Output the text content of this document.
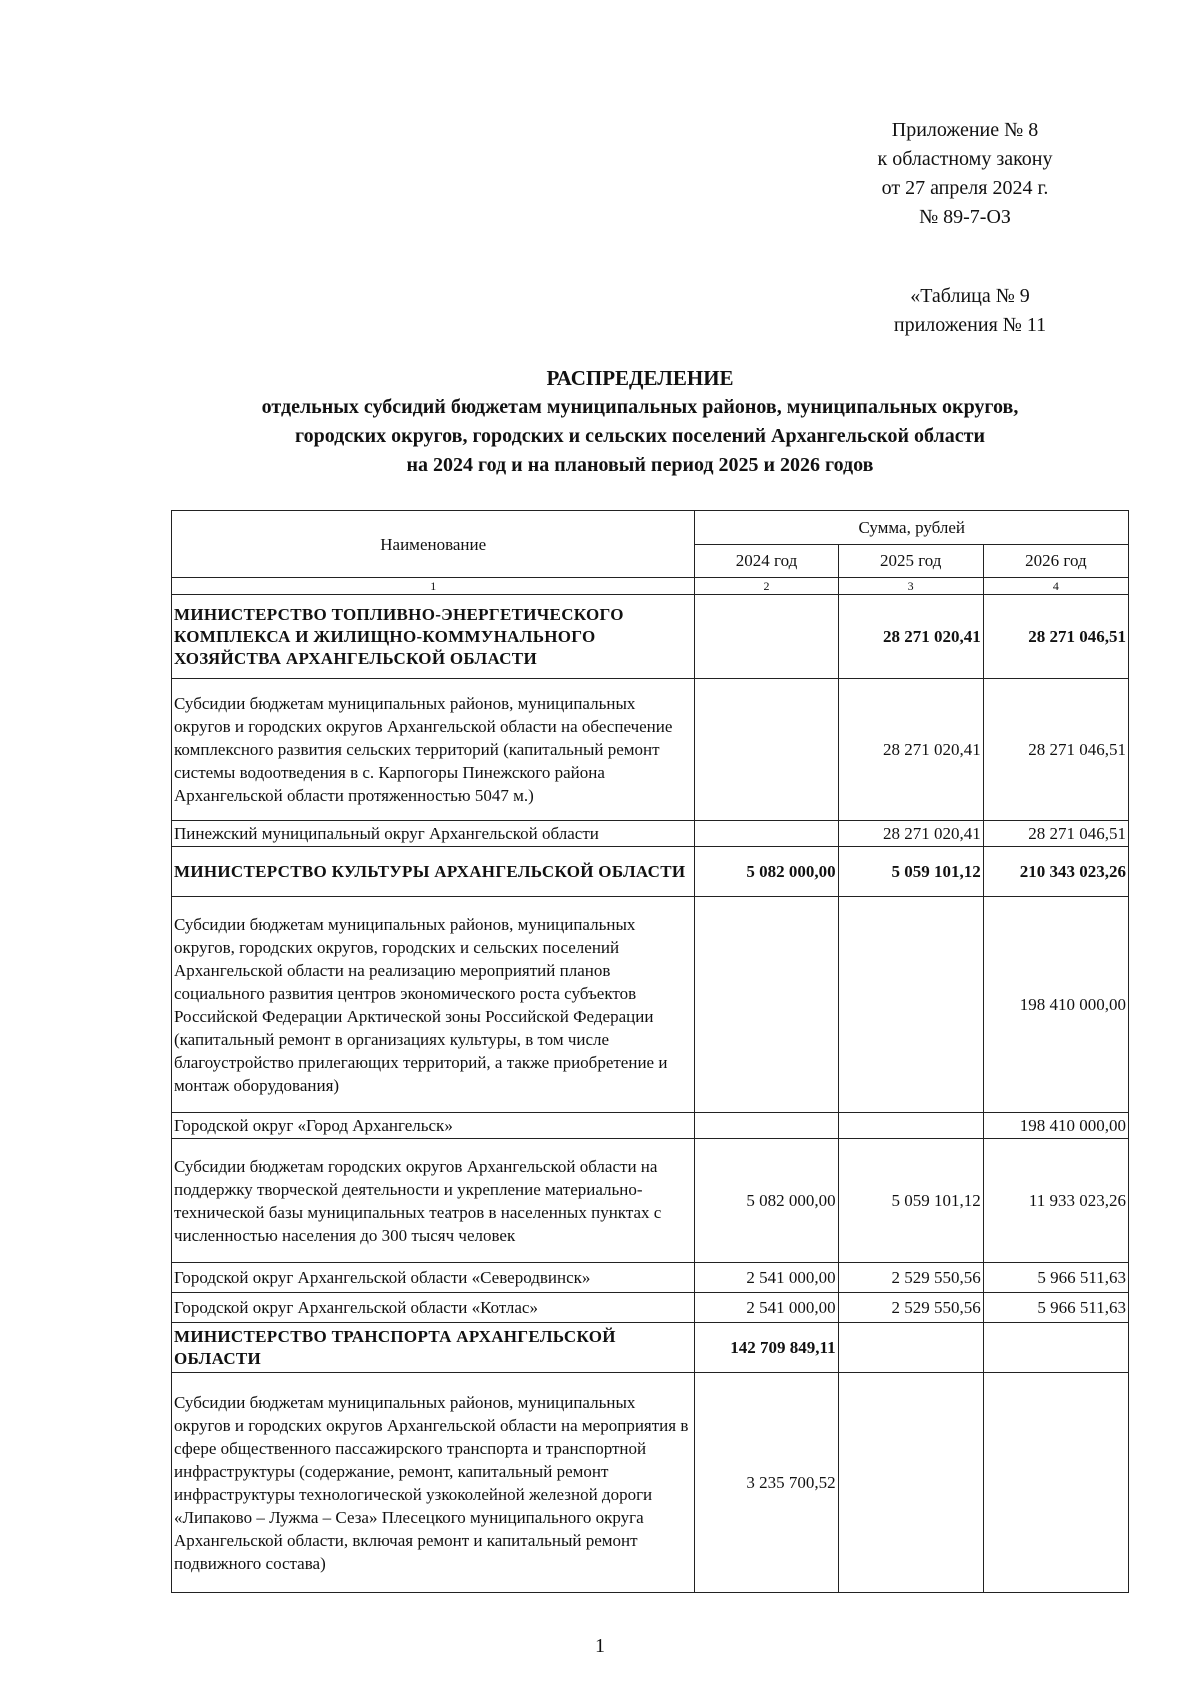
Приложение № 8
к областному закону
от 27 апреля 2024 г.
№ 89-7-ОЗ
«Таблица № 9
приложения № 11
РАСПРЕДЕЛЕНИЕ
отдельных субсидий бюджетам муниципальных районов, муниципальных округов,
городских округов, городских и сельских поселений Архангельской области
на 2024 год и на плановый период 2025 и 2026 годов
Наименование	Сумма, рублей		
	2024 год	2025 год	2026 год
1	2	3	4
МИНИСТЕРСТВО ТОПЛИВНО-ЭНЕРГЕТИЧЕСКОГО КОМПЛЕКСА И ЖИЛИЩНО-КОММУНАЛЬНОГО ХОЗЯЙСТВА АРХАНГЕЛЬСКОЙ ОБЛАСТИ		28 271 020,41	28 271 046,51
Субсидии бюджетам муниципальных районов, муниципальных округов и городских округов Архангельской области на обеспечение комплексного развития сельских территорий (капитальный ремонт системы водоотведения в с. Карпогоры Пинежского района Архангельской области протяженностью 5047 м.)		28 271 020,41	28 271 046,51
Пинежский муниципальный округ Архангельской области		28 271 020,41	28 271 046,51
МИНИСТЕРСТВО КУЛЬТУРЫ АРХАНГЕЛЬСКОЙ ОБЛАСТИ	5 082 000,00	5 059 101,12	210 343 023,26
Субсидии бюджетам муниципальных районов, муниципальных округов, городских округов, городских и сельских поселений Архангельской области на реализацию мероприятий планов социального развития центров экономического роста субъектов Российской Федерации Арктической зоны Российской Федерации (капитальный ремонт в организациях культуры, в том числе благоустройство прилегающих территорий, а также приобретение и монтаж оборудования)			198 410 000,00
Городской округ «Город Архангельск»			198 410 000,00
Субсидии бюджетам городских округов Архангельской области на поддержку творческой деятельности и укрепление материально-технической базы муниципальных театров в населенных пунктах с численностью населения до 300 тысяч человек	5 082 000,00	5 059 101,12	11 933 023,26
Городской округ Архангельской области «Северодвинск»	2 541 000,00	2 529 550,56	5 966 511,63
Городской округ Архангельской области «Котлас»	2 541 000,00	2 529 550,56	5 966 511,63
МИНИСТЕРСТВО ТРАНСПОРТА АРХАНГЕЛЬСКОЙ ОБЛАСТИ	142 709 849,11		
Субсидии бюджетам муниципальных районов, муниципальных округов и городских округов Архангельской области на мероприятия в сфере общественного пассажирского транспорта и транспортной инфраструктуры (содержание, ремонт, капитальный ремонт инфраструктуры технологической узкоколейной железной дороги «Липаково – Лужма – Сеза» Плесецкого муниципального округа Архангельской области, включая ремонт и капитальный ремонт подвижного состава)	3 235 700,52		
1
